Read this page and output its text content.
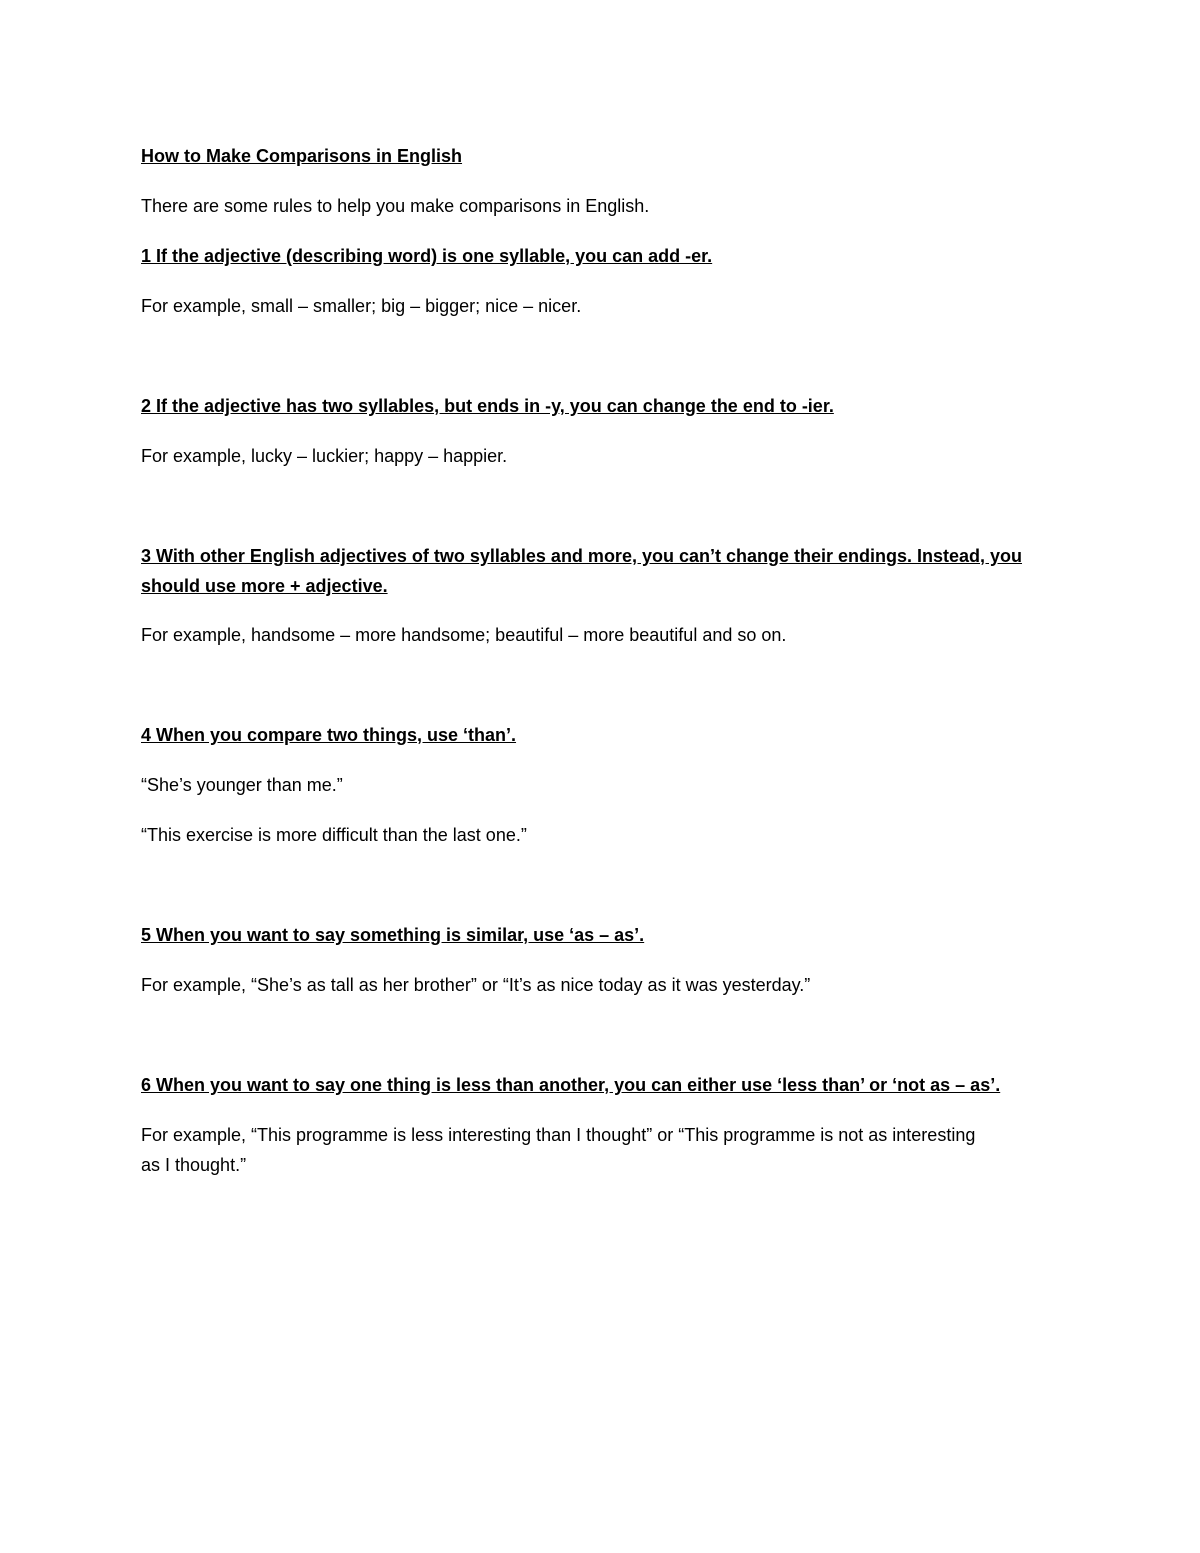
How to Make Comparisons in English

There are some rules to help you make comparisons in English.

1 If the adjective (describing word) is one syllable, you can add -er.

For example, small – smaller; big – bigger; nice – nicer.

2 If the adjective has two syllables, but ends in -y, you can change the end to -ier.

For example, lucky – luckier; happy – happier.

3 With other English adjectives of two syllables and more, you can’t change their endings. Instead, you should use more + adjective.

For example, handsome – more handsome; beautiful – more beautiful and so on.

4 When you compare two things, use ‘than’.

“She’s younger than me.”

“This exercise is more difficult than the last one.”

5 When you want to say something is similar, use ‘as – as’.

For example, “She’s as tall as her brother” or “It’s as nice today as it was yesterday.”

6 When you want to say one thing is less than another, you can either use ‘less than’ or ‘not as – as’.

For example, “This programme is less interesting than I thought” or “This programme is not as interesting as I thought.”
